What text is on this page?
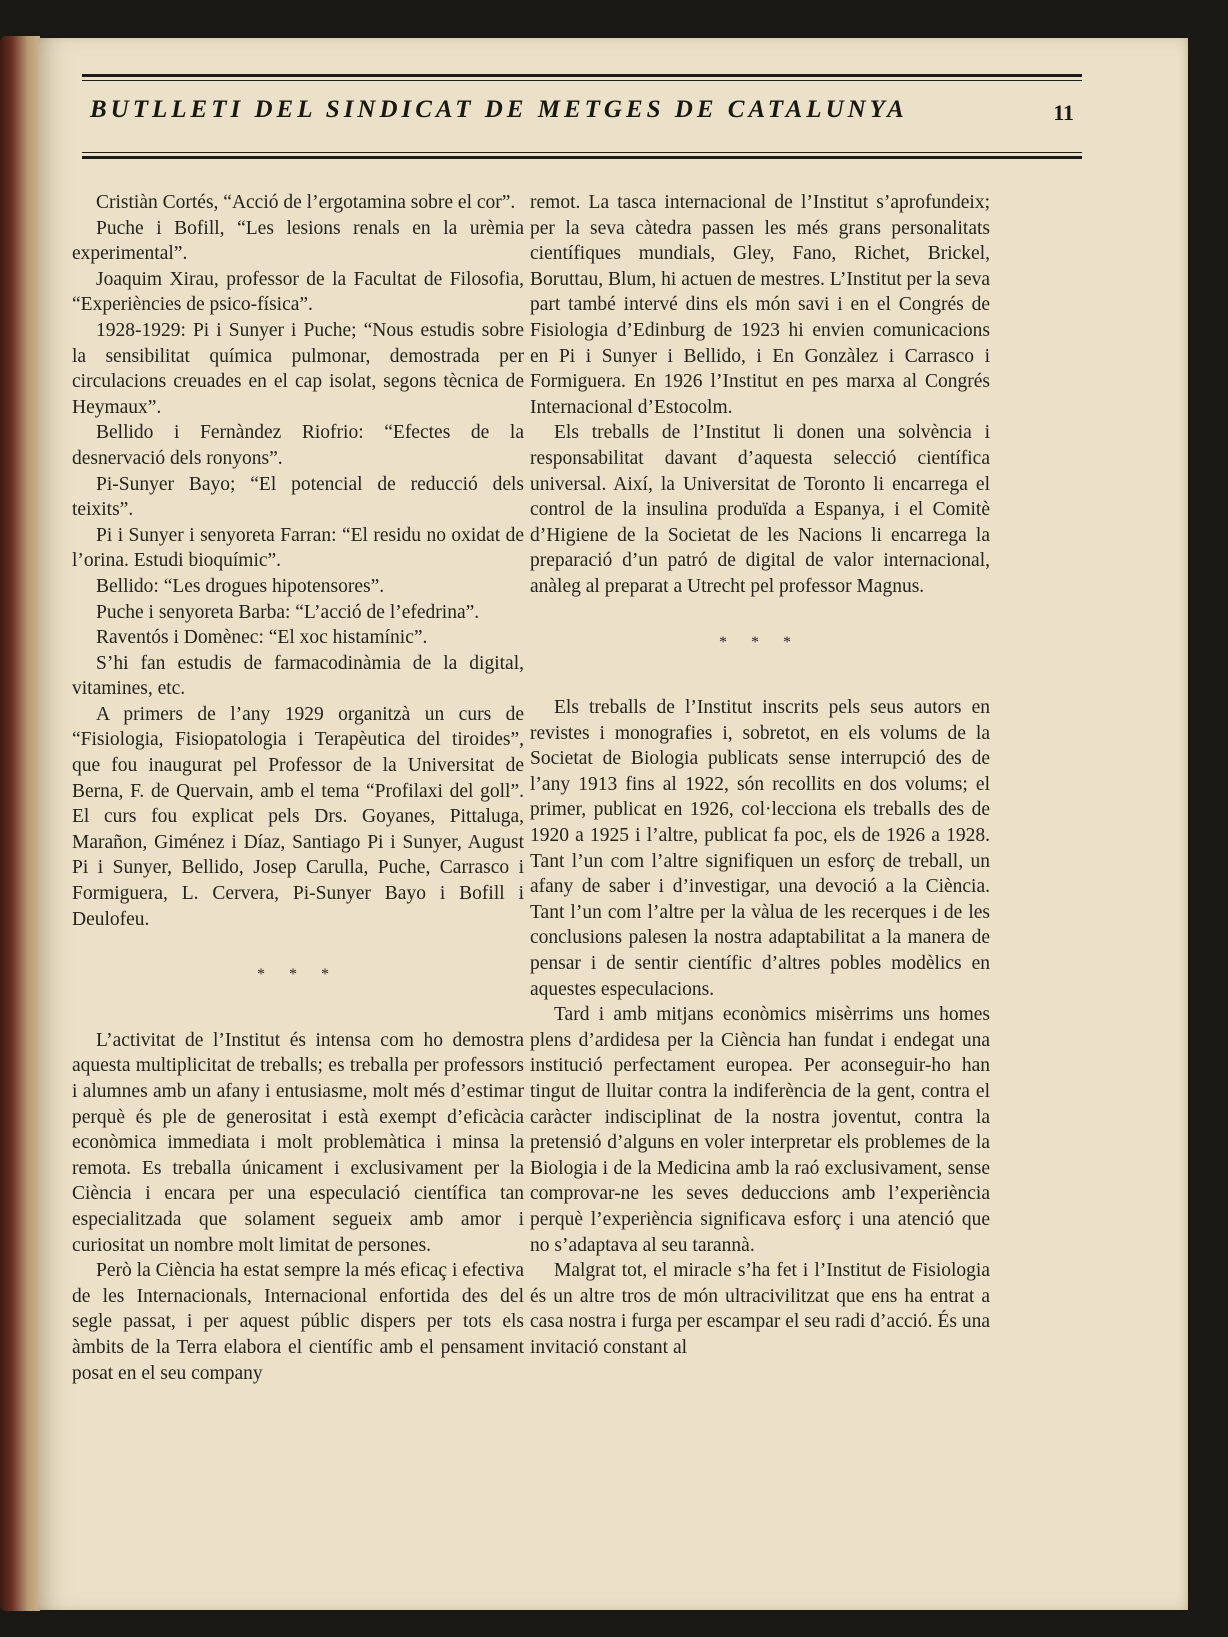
BUTLLETI DEL SINDICAT DE METGES DE CATALUNYA	11

Cristiàn Cortés, “Acció de l’ergotamina sobre el cor”.

Puche i Bofill, “Les lesions renals en la urèmia experimental”.

Joaquim Xirau, professor de la Facultat de Filosofia, “Experiències de psico-física”.

1928-1929: Pi i Sunyer i Puche; “Nous estudis sobre la sensibilitat química pulmonar, demostrada per circulacions creuades en el cap isolat, segons tècnica de Heymaux”.

Bellido i Fernàndez Riofrio: “Efectes de la desnervació dels ronyons”.

Pi-Sunyer Bayo; “El potencial de reducció dels teixits”.

Pi i Sunyer i senyoreta Farran: “El residu no oxidat de l’orina. Estudi bioquímic”.

Bellido: “Les drogues hipotensores”.

Puche i senyoreta Barba: “L’acció de l’efedrina”.

Raventós i Domènec: “El xoc histamínic”.

S’hi fan estudis de farmacodinàmia de la digital, vitamines, etc.

A primers de l’any 1929 organitzà un curs de “Fisiologia, Fisiopatologia i Terapèutica del tiroides”, que fou inaugurat pel Professor de la Universitat de Berna, F. de Quervain, amb el tema “Profilaxi del goll”. El curs fou explicat pels Drs. Goyanes, Pittaluga, Marañon, Giménez i Díaz, Santiago Pi i Sunyer, August Pi i Sunyer, Bellido, Josep Carulla, Puche, Carrasco i Formiguera, L. Cervera, Pi-Sunyer Bayo i Bofill i Deulofeu.

* * *

L’activitat de l’Institut és intensa com ho demostra aquesta multiplicitat de treballs; es treballa per professors i alumnes amb un afany i entusiasme, molt més d’estimar perquè és ple de generositat i està exempt d’eficàcia econòmica immediata i molt problemàtica i minsa la remota. Es treballa únicament i exclusivament per la Ciència i encara per una especulació científica tan especialitzada que solament segueix amb amor i curiositat un nombre molt limitat de persones.

Però la Ciència ha estat sempre la més eficaç i efectiva de les Internacionals, Internacional enfortida des del segle passat, i per aquest públic dispers per tots els àmbits de la Terra elabora el científic amb el pensament posat en el seu company

remot. La tasca internacional de l’Institut s’aprofundeix; per la seva càtedra passen les més grans personalitats científiques mundials, Gley, Fano, Richet, Brickel, Boruttau, Blum, hi actuen de mestres. L’Institut per la seva part també intervé dins els món savi i en el Congrés de Fisiologia d’Edinburg de 1923 hi envien comunicacions en Pi i Sunyer i Bellido, i En Gonzàlez i Carrasco i Formiguera. En 1926 l’Institut en pes marxa al Congrés Internacional d’Estocolm.

Els treballs de l’Institut li donen una solvència i responsabilitat davant d’aquesta selecció científica universal. Així, la Universitat de Toronto li encarrega el control de la insulina produïda a Espanya, i el Comitè d’Higiene de la Societat de les Nacions li encarrega la preparació d’un patró de digital de valor internacional, anàleg al preparat a Utrecht pel professor Magnus.

* * *

Els treballs de l’Institut inscrits pels seus autors en revistes i monografies i, sobretot, en els volums de la Societat de Biologia publicats sense interrupció des de l’any 1913 fins al 1922, són recollits en dos volums; el primer, publicat en 1926, col·lecciona els treballs des de 1920 a 1925 i l’altre, publicat fa poc, els de 1926 a 1928. Tant l’un com l’altre signifiquen un esforç de treball, un afany de saber i d’investigar, una devoció a la Ciència. Tant l’un com l’altre per la vàlua de les recerques i de les conclusions palesen la nostra adaptabilitat a la manera de pensar i de sentir científic d’altres pobles modèlics en aquestes especulacions.

Tard i amb mitjans econòmics misèrrims uns homes plens d’ardidesa per la Ciència han fundat i endegat una institució perfectament europea. Per aconseguir-ho han tingut de lluitar contra la indiferència de la gent, contra el caràcter indisciplinat de la nostra joventut, contra la pretensió d’alguns en voler interpretar els problemes de la Biologia i de la Medicina amb la raó exclusivament, sense comprovar-ne les seves deduccions amb l’experiència perquè l’experiència significava esforç i una atenció que no s’adaptava al seu tarannà.

Malgrat tot, el miracle s’ha fet i l’Institut de Fisiologia és un altre tros de món ultracivilitzat que ens ha entrat a casa nostra i furga per escampar el seu radi d’acció. És una invitació constant al
